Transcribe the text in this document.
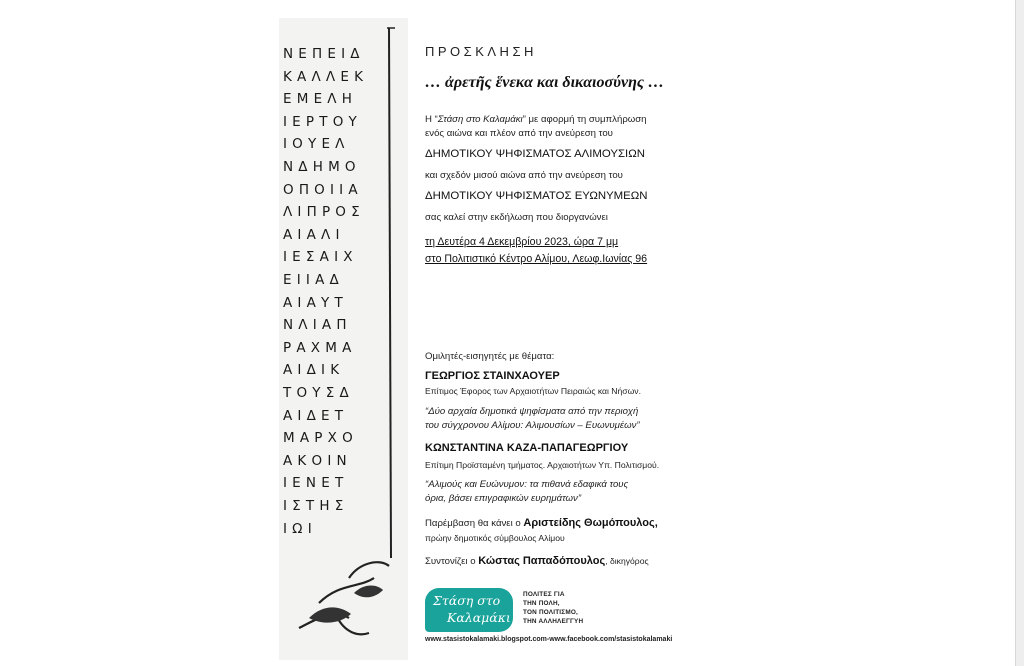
ΝΕΠΕΙΔ
ΚΑΛΛΕΚ
ΕΜΕΛΗ
ΙΕΡΤΟΥ
ΙΟΥΕΛ
ΝΔΗΜΟ
ΟΠΟΙΙΑ
ΛΙΠΡΟΣ
ΑΙΑΛΙ
ΙΕΣΑΙΧ
ΕΙΙΑΔ
ΑΙΑΥΤ
ΝΛΙΑΠ
ΡΑΧΜΑ
ΑΙΔΙΚ
ΤΟΥΣΔ
ΑΙΔΕΤ
ΜΑΡΧΟ
ΑΚΟΙΝ
ΙΕΝΕΤ
ΙΣΤΗΣ
ΙΩΙ
ΠΡΟΣΚΛΗΣΗ
… ἀρετῆς ἕνεκα και δικαιοσύνης …
Η “Στάση στο Καλαμάκι” με αφορμή τη συμπλήρωση
ενός αιώνα και πλέον από την ανεύρεση του
ΔΗΜΟΤΙΚΟΥ ΨΗΦΙΣΜΑΤΟΣ ΑΛΙΜΟΥΣΙΩΝ
και σχεδόν μισού αιώνα από την ανεύρεση του
ΔΗΜΟΤΙΚΟΥ ΨΗΦΙΣΜΑΤΟΣ ΕΥΩΝΥΜΕΩΝ
σας καλεί στην εκδήλωση που διοργανώνει
τη Δευτέρα 4 Δεκεμβρίου 2023, ώρα 7 μμ
στο Πολιτιστικό Κέντρο Αλίμου, Λεωφ.Ιωνίας 96
Ομιλητές-εισηγητές με θέματα:
ΓΕΩΡΓΙΟΣ ΣΤΑΙΝΧΑΟΥΕΡ
Επίτιμος Έφορος των Αρχαιοτήτων Πειραιώς και Νήσων.
“Δύο αρχαία δημοτικά ψηφίσματα από την περιοχή
του σύγχρονου Αλίμου: Αλιμουσίων – Ευωνυμέων”
ΚΩΝΣΤΑΝΤΙΝΑ ΚΑΖΑ-ΠΑΠΑΓΕΩΡΓΙΟΥ
Επίτιμη Προϊσταμένη τμήματος. Αρχαιοτήτων Υπ. Πολιτισμού.
“Αλιμούς και Ευώνυμον: τα πιθανά εδαφικά τους
όρια, βάσει επιγραφικών ευρημάτων”
Παρέμβαση θα κάνει ο Αριστείδης Θωμόπουλος,
πρώην δημοτικός σύμβουλος Αλίμου
Συντονίζει ο Κώστας Παπαδόπουλος, δικηγόρος
Στάση στο
Καλαμάκι
ΠΟΛΙΤΕΣ ΓΙΑ
ΤΗΝ ΠΟΛΗ,
ΤΟΝ ΠΟΛΙΤΙΣΜΟ,
ΤΗΝ ΑΛΛΗΛΕΓΓΥΗ
www.stasistokalamaki.blogspot.com-www.facebook.com/stasistokalamaki
